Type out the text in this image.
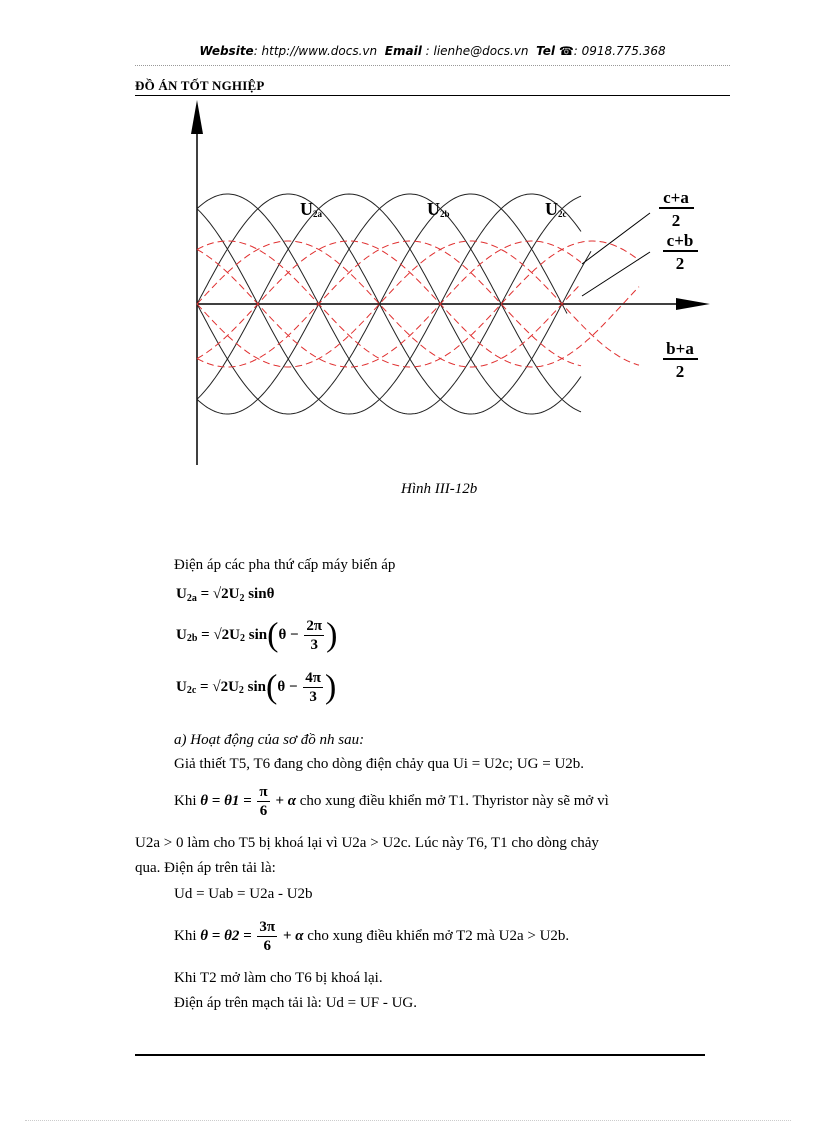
Website: http://www.docs.vn Email : lienhe@docs.vn Tel ☎: 0918.775.368
ĐỒ ÁN TỐT NGHIỆP
U2a	U2b	U2c
c+a
2
c+b
2
b+a
2
Hình III-12b
Điện áp các pha thứ cấp máy biến áp
$U_{2a} = √2U_2$ sinθ
$U_{2b} = √2U_2$ $\sin(\theta - \frac{2\pi}{3}$ )
$U_{2c} = √2U_2$ $\sin(\theta - \frac{4\pi}{3}$ )
a) Hoạt động của sơ đồ nh sau:
Giả thiết T5, T6 đang cho dòng điện chảy qua Ui = U2c; UG = U2b.
Khi $\theta = \theta 1 = \frac{\pi}{6} + \alpha$ cho xung điều khiển mở T1. Thyristor này sẽ mở vì
U2a > 0 làm cho T5 bị khoá lại vì U2a > U2c. Lúc này T6, T1 cho dòng chảy
qua. Điện áp trên tải là:
Ud = Uab = U2a - U2b
Khi $\theta = \theta 2 = \frac{3\pi}{6} + \alpha$ cho xung điều khiển mở T2 mà U2a > U2b.
Khi T2 mở làm cho T6 bị khoá lại.
Điện áp trên mạch tải là: Ud = UF - UG.
